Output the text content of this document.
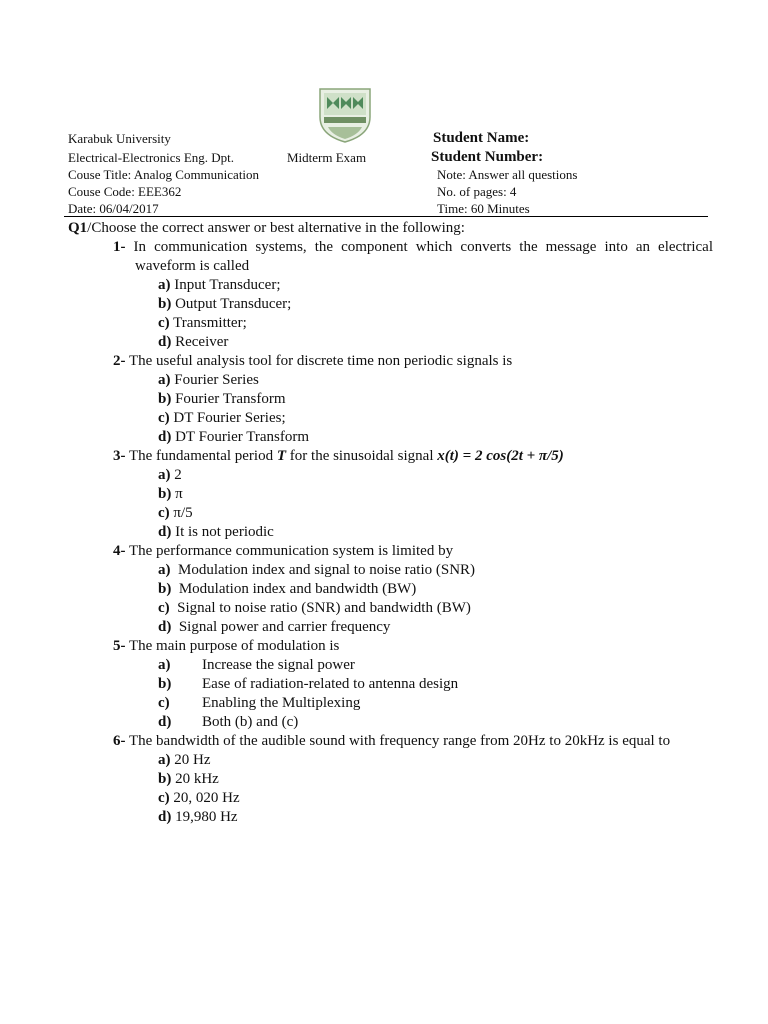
Karabuk University
Electrical-Electronics Eng. Dpt.	Midterm Exam
Couse Title: Analog Communication
Couse Code: EEE362
Date: 06/04/2017
Student Name:
Student Number:
Note: Answer all questions
No. of pages: 4
Time: 60 Minutes

Q1/Choose the correct answer or best alternative in the following:

1- In communication systems, the component which converts the message into an electrical waveform is called

a) Input Transducer;
b) Output Transducer;
c) Transmitter;
d) Receiver

2- The useful analysis tool for discrete time non periodic signals is

a) Fourier Series
b) Fourier Transform
c) DT Fourier Series;
d) DT Fourier Transform

3- The fundamental period T for the sinusoidal signal x(t) = 2 cos(2t + π/5)

a) 2
b) π
c) π/5
d) It is not periodic

4- The performance communication system is limited by

a) Modulation index and signal to noise ratio (SNR)
b) Modulation index and bandwidth (BW)
c) Signal to noise ratio (SNR) and bandwidth (BW)
d) Signal power and carrier frequency

5- The main purpose of modulation is

a) Increase the signal power
b) Ease of radiation-related to antenna design
c) Enabling the Multiplexing
d) Both (b) and (c)

6- The bandwidth of the audible sound with frequency range from 20Hz to 20kHz is equal to

a) 20 Hz
b) 20 kHz
c) 20, 020 Hz
d) 19,980 Hz
